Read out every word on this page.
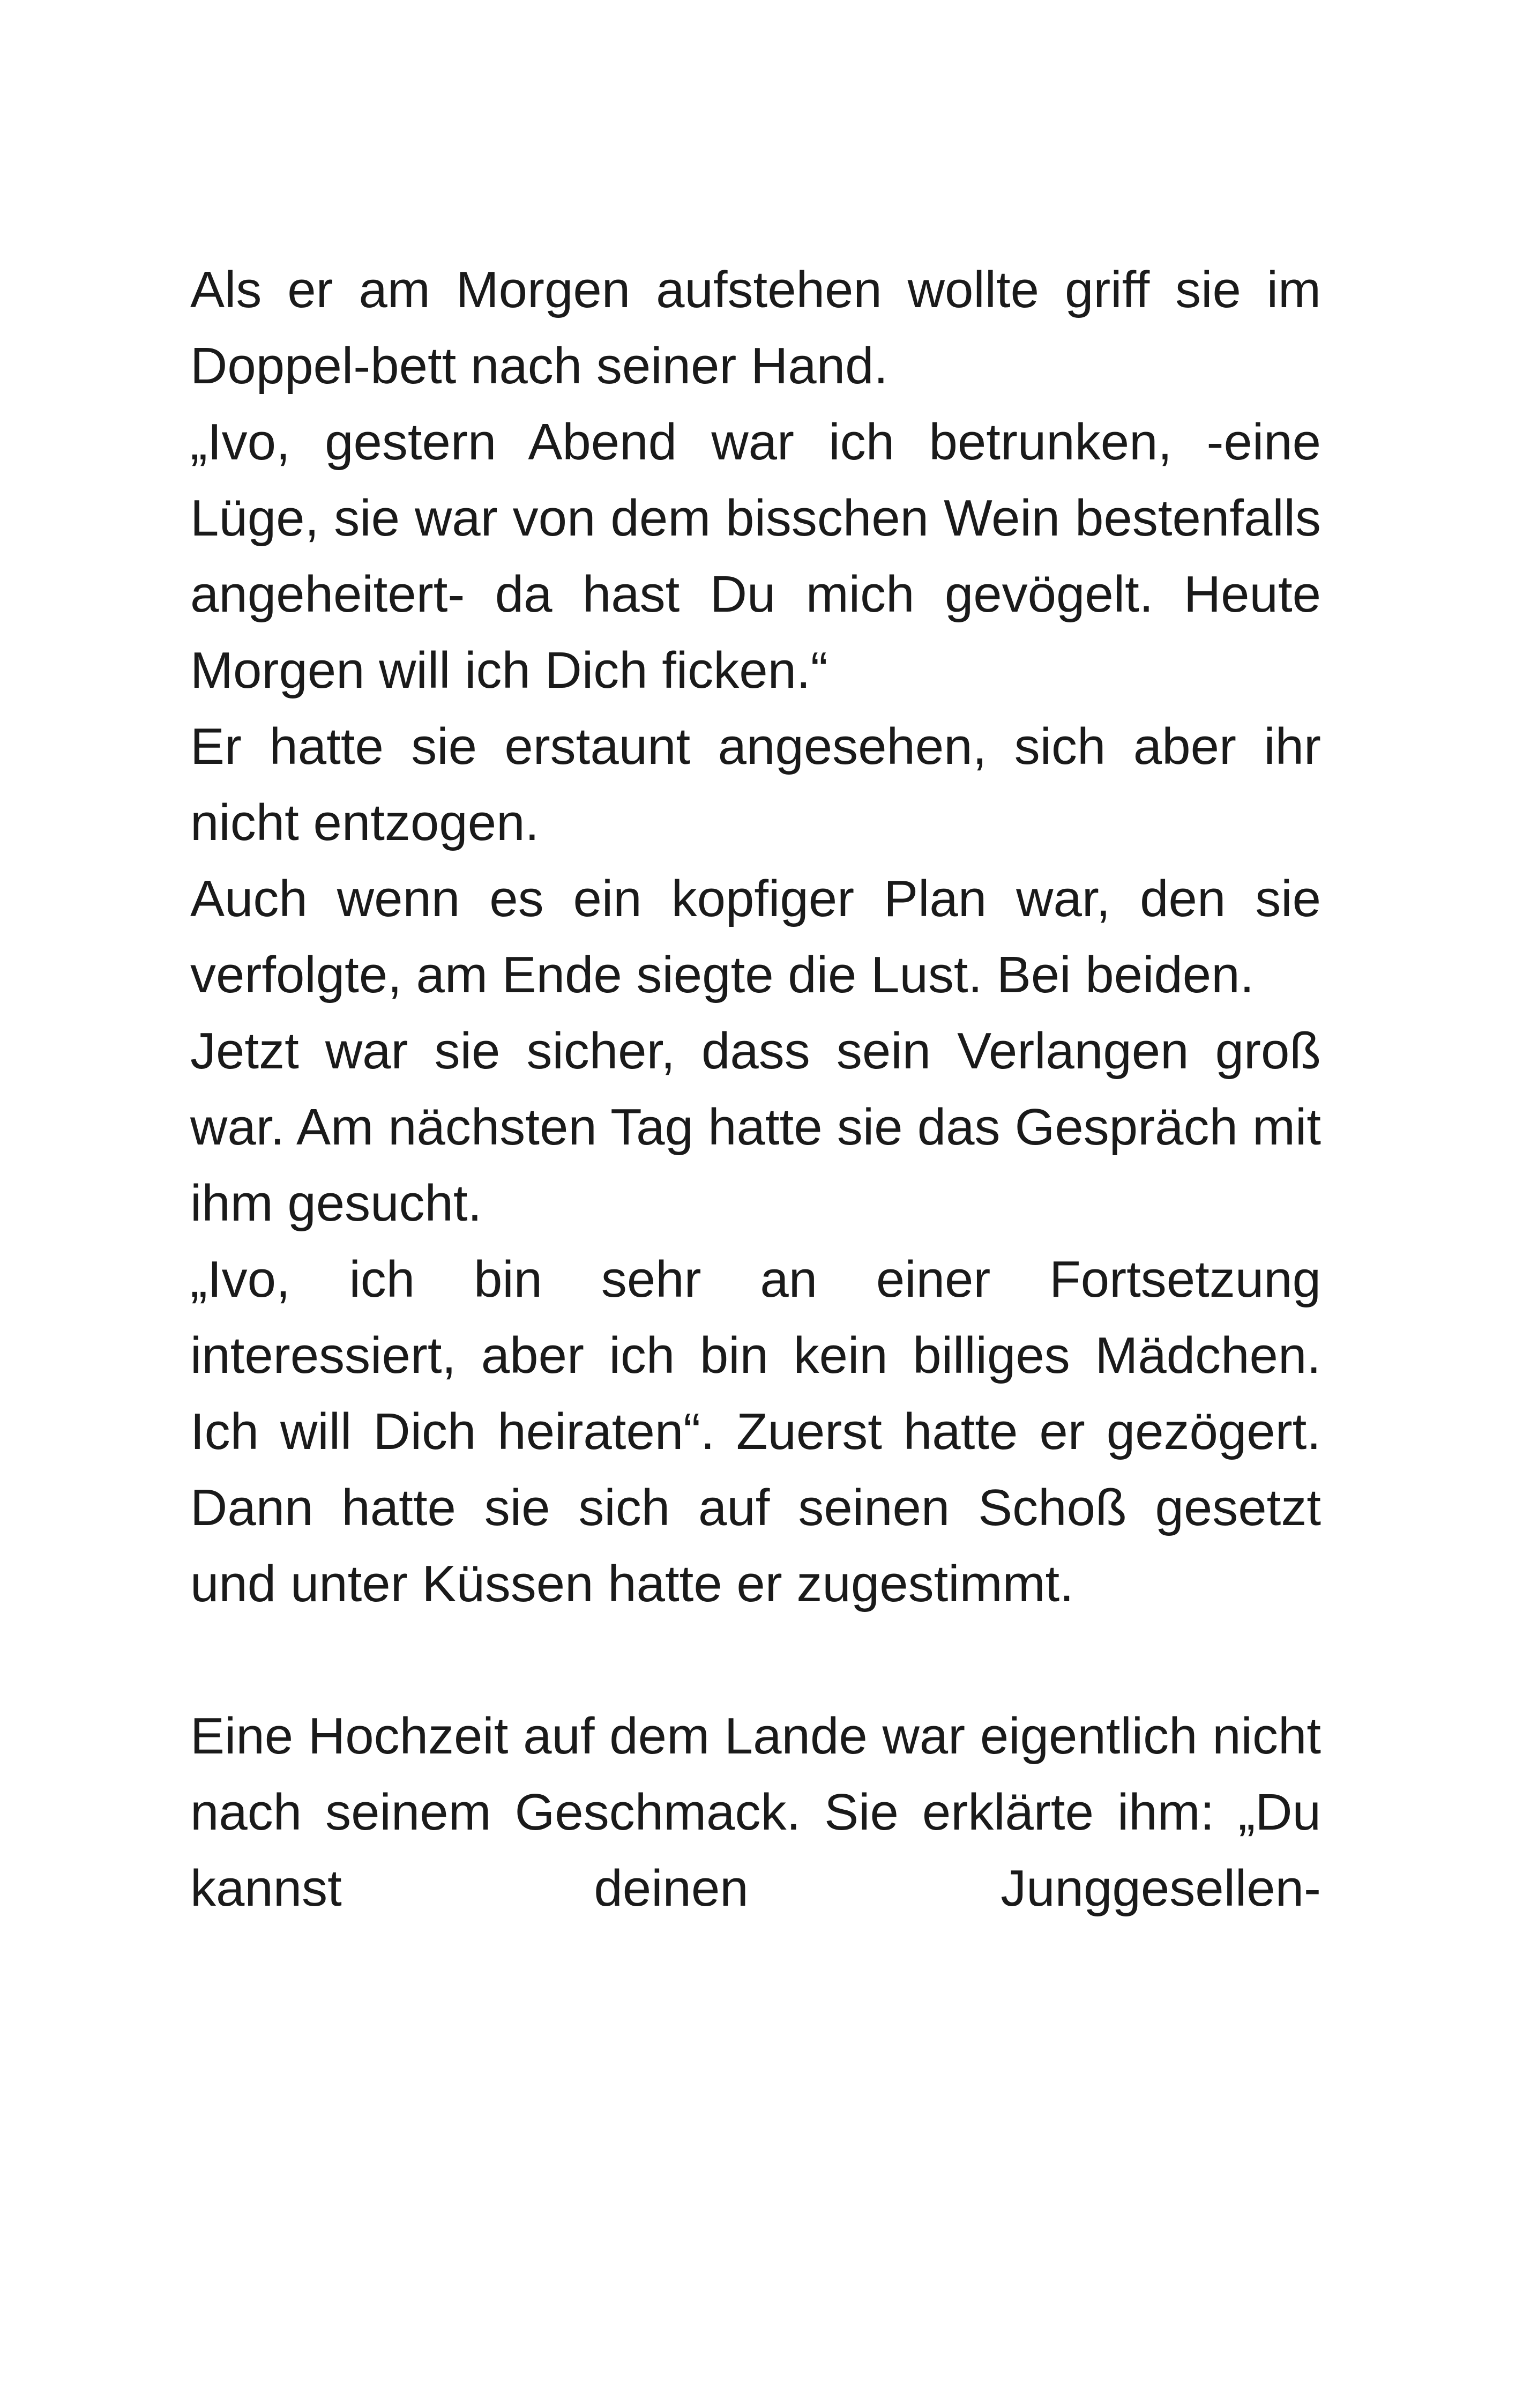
Als er am Morgen aufstehen wollte griff sie im Doppel-bett nach seiner Hand.

„Ivo, gestern Abend war ich betrunken, -eine Lüge, sie war von dem bisschen Wein bestenfalls angeheitert- da hast Du mich gevögelt. Heute Morgen will ich Dich ficken.“

Er hatte sie erstaunt angesehen, sich aber ihr nicht entzogen.

Auch wenn es ein kopfiger Plan war, den sie verfolgte, am Ende siegte die Lust. Bei beiden.

Jetzt war sie sicher, dass sein Verlangen groß war. Am nächsten Tag hatte sie das Gespräch mit ihm gesucht.

„Ivo, ich bin sehr an einer Fortsetzung interessiert, aber ich bin kein billiges Mädchen. Ich will Dich heiraten“. Zuerst hatte er gezögert. Dann hatte sie sich auf seinen Schoß gesetzt und unter Küssen hatte er zugestimmt.

Eine Hochzeit auf dem Lande war eigentlich nicht nach seinem Geschmack. Sie erklärte ihm: „Du kannst deinen Junggesellen-
